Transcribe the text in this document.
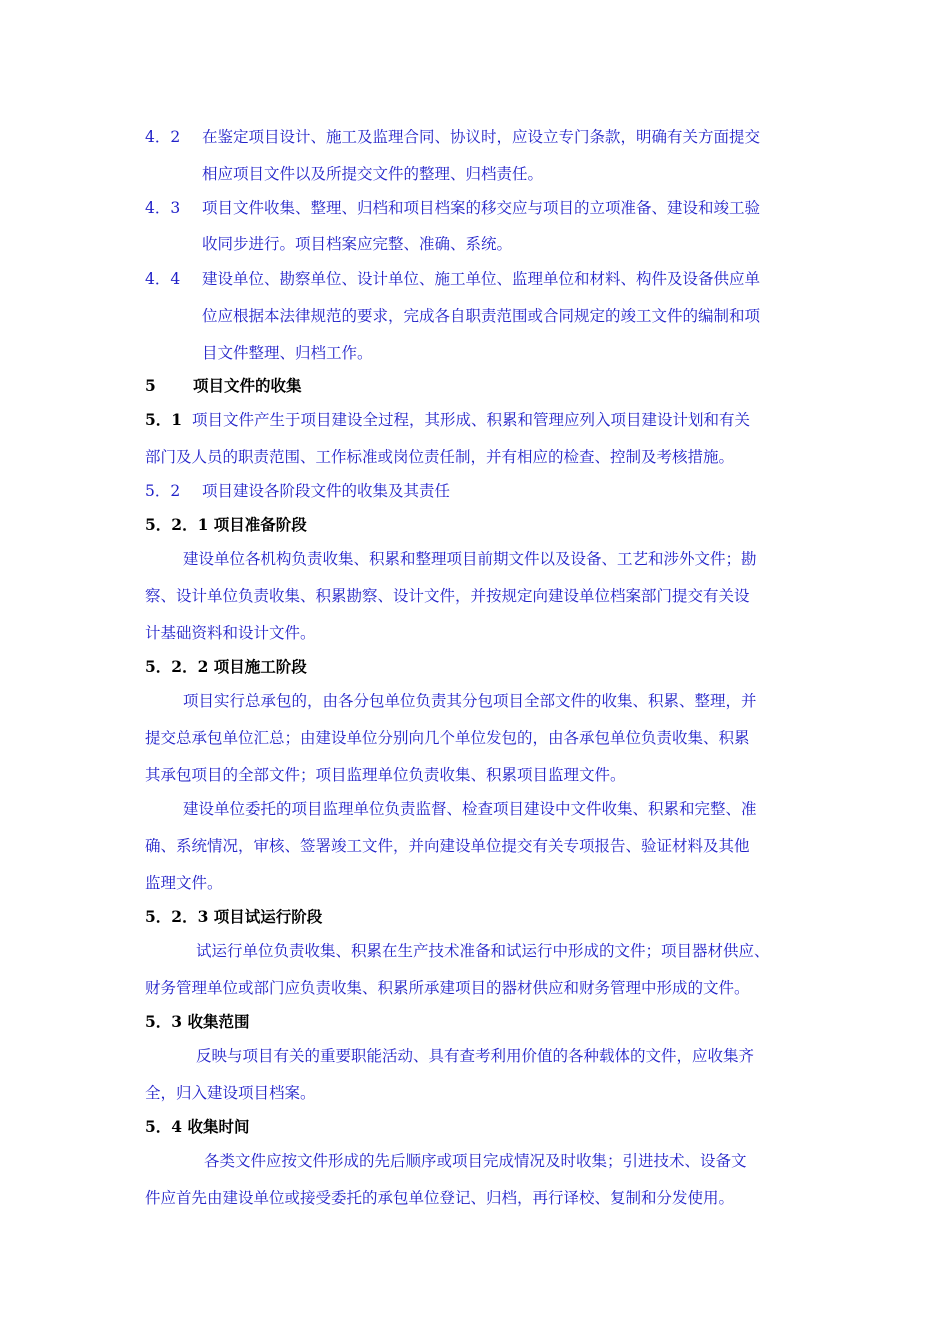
4．2 在鉴定项目设计、施工及监理合同、协议时，应设立专门条款，明确有关方面提交
相应项目文件以及所提交文件的整理、归档责任。
4．3 项目文件收集、整理、归档和项目档案的移交应与项目的立项准备、建设和竣工验
收同步进行。项目档案应完整、准确、系统。
4．4 建设单位、勘察单位、设计单位、施工单位、监理单位和材料、构件及设备供应单
位应根据本法律规范的要求，完成各自职责范围或合同规定的竣工文件的编制和项
目文件整理、归档工作。
5 项目文件的收集
5．1 项目文件产生于项目建设全过程，其形成、积累和管理应列入项目建设计划和有关
部门及人员的职责范围、工作标准或岗位责任制，并有相应的检查、控制及考核措施。
5．2 项目建设各阶段文件的收集及其责任
5．2．1 项目准备阶段
建设单位各机构负责收集、积累和整理项目前期文件以及设备、工艺和涉外文件；勘
察、设计单位负责收集、积累勘察、设计文件，并按规定向建设单位档案部门提交有关设
计基础资料和设计文件。
5．2．2 项目施工阶段
项目实行总承包的，由各分包单位负责其分包项目全部文件的收集、积累、整理，并
提交总承包单位汇总；由建设单位分别向几个单位发包的，由各承包单位负责收集、积累
其承包项目的全部文件；项目监理单位负责收集、积累项目监理文件。
建设单位委托的项目监理单位负责监督、检查项目建设中文件收集、积累和完整、准
确、系统情况，审核、签署竣工文件，并向建设单位提交有关专项报告、验证材料及其他
监理文件。
5．2．3 项目试运行阶段
试运行单位负责收集、积累在生产技术准备和试运行中形成的文件；项目器材供应、
财务管理单位或部门应负责收集、积累所承建项目的器材供应和财务管理中形成的文件。
5．3 收集范围
反映与项目有关的重要职能活动、具有查考利用价值的各种载体的文件，应收集齐
全，归入建设项目档案。
5．4 收集时间
各类文件应按文件形成的先后顺序或项目完成情况及时收集；引进技术、设备文
件应首先由建设单位或接受委托的承包单位登记、归档，再行译校、复制和分发使用。
